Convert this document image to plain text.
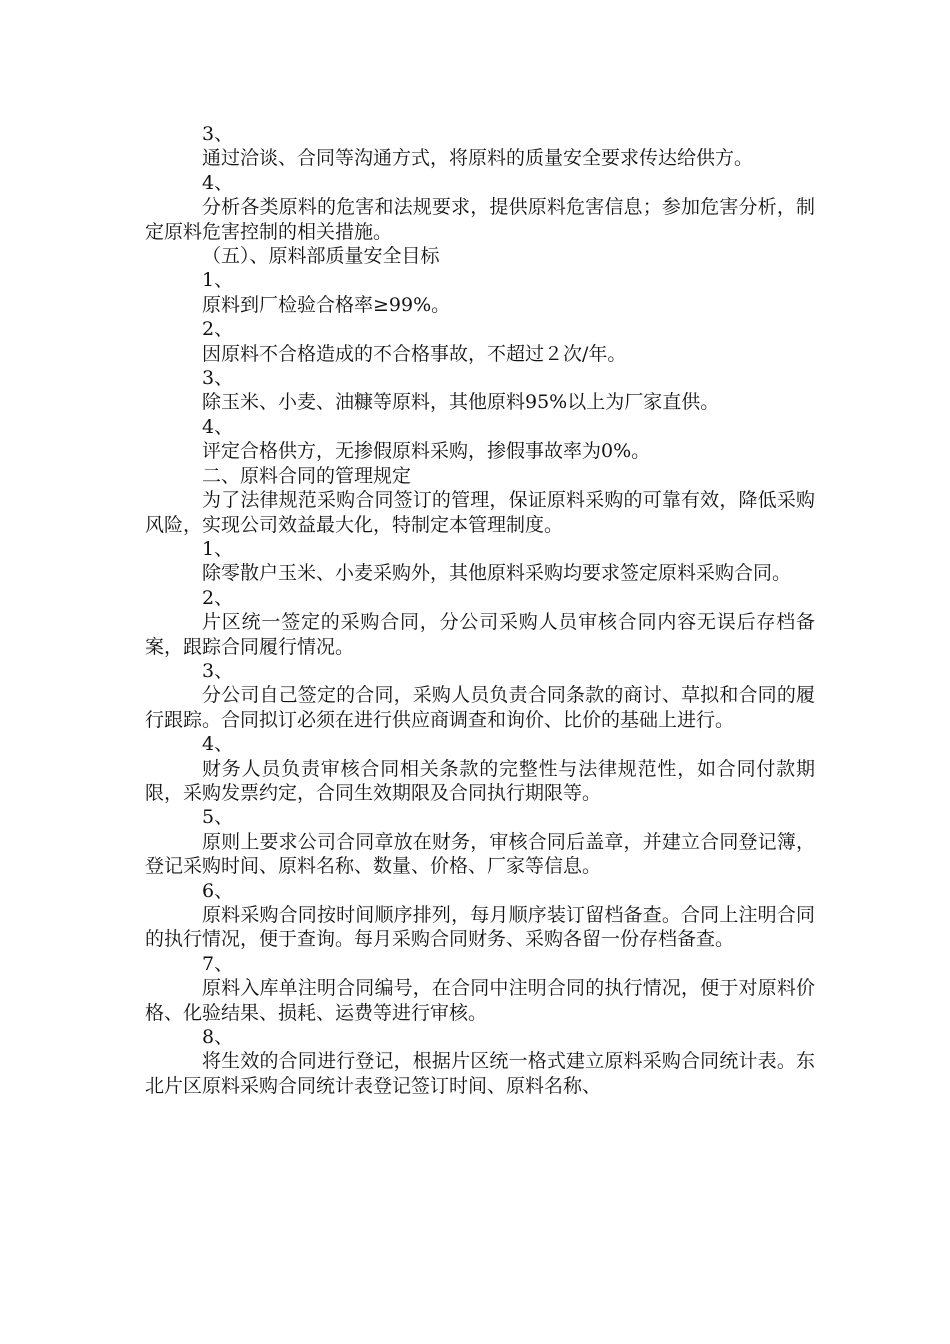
3、

通过洽谈、合同等沟通方式，将原料的质量安全要求传达给供方。

4、

分析各类原料的危害和法规要求，提供原料危害信息；参加危害分析，制定原料危害控制的相关措施。

（五）、原料部质量安全目标

1、

原料到厂检验合格率≥99%。

2、

因原料不合格造成的不合格事故，不超过２次/年。

3、

除玉米、小麦、油糠等原料，其他原料95%以上为厂家直供。

4、

评定合格供方，无掺假原料采购，掺假事故率为0%。

二、原料合同的管理规定

为了法律规范采购合同签订的管理，保证原料采购的可靠有效，降低采购风险，实现公司效益最大化，特制定本管理制度。

1、

除零散户玉米、小麦采购外，其他原料采购均要求签定原料采购合同。

2、

片区统一签定的采购合同，分公司采购人员审核合同内容无误后存档备案，跟踪合同履行情况。

3、

分公司自己签定的合同，采购人员负责合同条款的商讨、草拟和合同的履行跟踪。合同拟订必须在进行供应商调查和询价、比价的基础上进行。

4、

财务人员负责审核合同相关条款的完整性与法律规范性，如合同付款期限，采购发票约定，合同生效期限及合同执行期限等。

5、

原则上要求公司合同章放在财务，审核合同后盖章，并建立合同登记簿，登记采购时间、原料名称、数量、价格、厂家等信息。

6、

原料采购合同按时间顺序排列，每月顺序装订留档备查。合同上注明合同的执行情况，便于查询。每月采购合同财务、采购各留一份存档备查。

7、

原料入库单注明合同编号，在合同中注明合同的执行情况，便于对原料价格、化验结果、损耗、运费等进行审核。

8、

将生效的合同进行登记，根据片区统一格式建立原料采购合同统计表。东北片区原料采购合同统计表登记签订时间、原料名称、
